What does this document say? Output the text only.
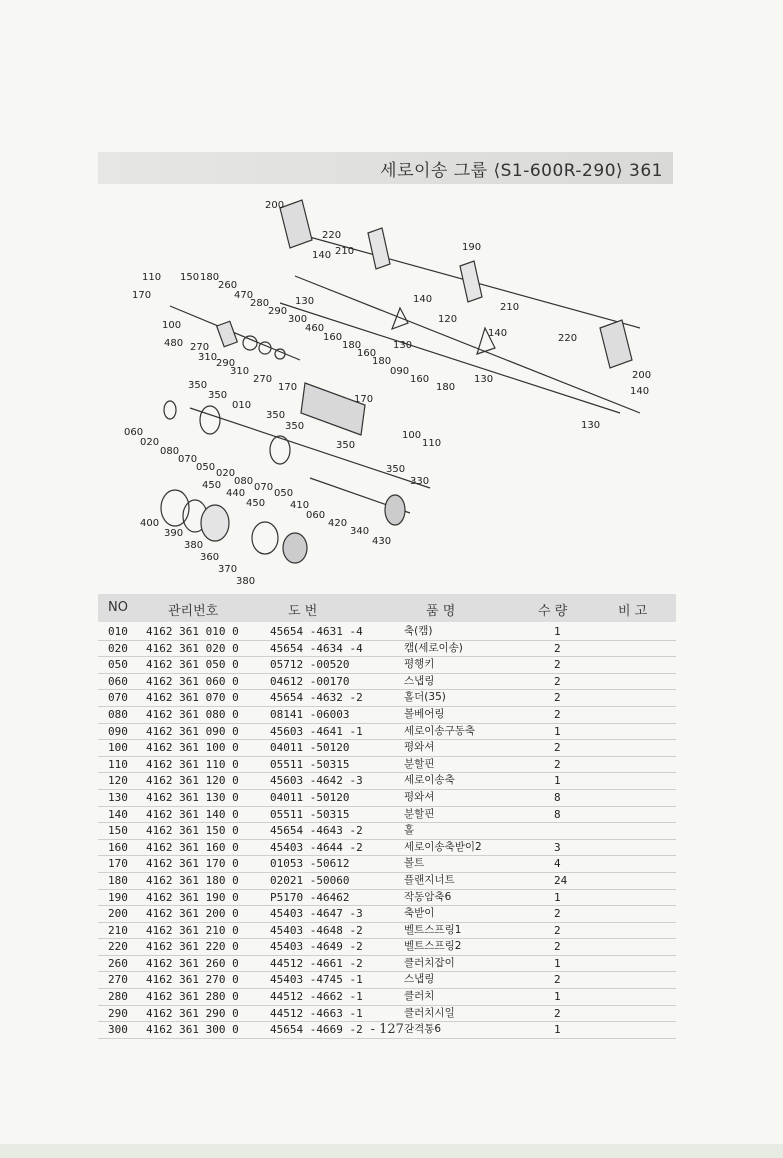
세로이송 그룹 ⟨S1-600R-290⟩ 361
200
220
140 210	190
110 150 180
260
170	470
280	130	140
210
290
300	120
100	460	140	220
480 270
160
180	130
310
290
160
310
180
270
090	200
130
160
170
350	180	140
350	170
010
350
130
350
060	100
020	110
350
080
070
050	350
020
450 080	330
070
440	050
450 410
060
400	420
390	340
430
380
360
370
380
NO	관리번호	도 번	품 명	수 량	비 고
010 4162 361 010 0	45654 -4631 -4	축(캠)	1
020 4162 361 020 0	45654 -4634 -4	캠(세로이송)	2
050 4162 361 050 0	05712 -00520	평행키	2
060 4162 361 060 0	04612 -00170	스냅링	2
070 4162 361 070 0	45654 -4632 -2	홀더(35)	2
080 4162 361 080 0	08141 -06003	볼베어링	2
090 4162 361 090 0	45603 -4641 -1	세로이송구동축	1
100 4162 361 100 0	04011 -50120	평와셔	2
110 4162 361 110 0	05511 -50315	분할핀	2
120 4162 361 120 0	45603 -4642 -3	세로이송축	1
130 4162 361 130 0	04011 -50120	평와셔	8
140 4162 361 140 0	05511 -50315	분할핀	8
150 4162 361 150 0	45654 -4643 -2	홀
160 4162 361 160 0	45403 -4644 -2	세로이송축받이2	3
170 4162 361 170 0	01053 -50612	볼트	4
180 4162 361 180 0	02021 -50060	플랜지너트	24
190 4162 361 190 0	P5170 -46462	작동암축6	1
200 4162 361 200 0	45403 -4647 -3	축받이	2
210 4162 361 210 0	45403 -4648 -2	벨트스프링1	2
220 4162 361 220 0	45403 -4649 -2	벨트스프링2	2
260 4162 361 260 0	44512 -4661 -2	클러치잡이	1
270 4162 361 270 0	45403 -4745 -1	스냅링	2
280 4162 361 280 0	44512 -4662 -1	클러치	1
290 4162 361 290 0	44512 -4663 -1	클러치시일	2
300 4162 361 300 0	45654 -4669 -2	간격통6	1
- 127 -
